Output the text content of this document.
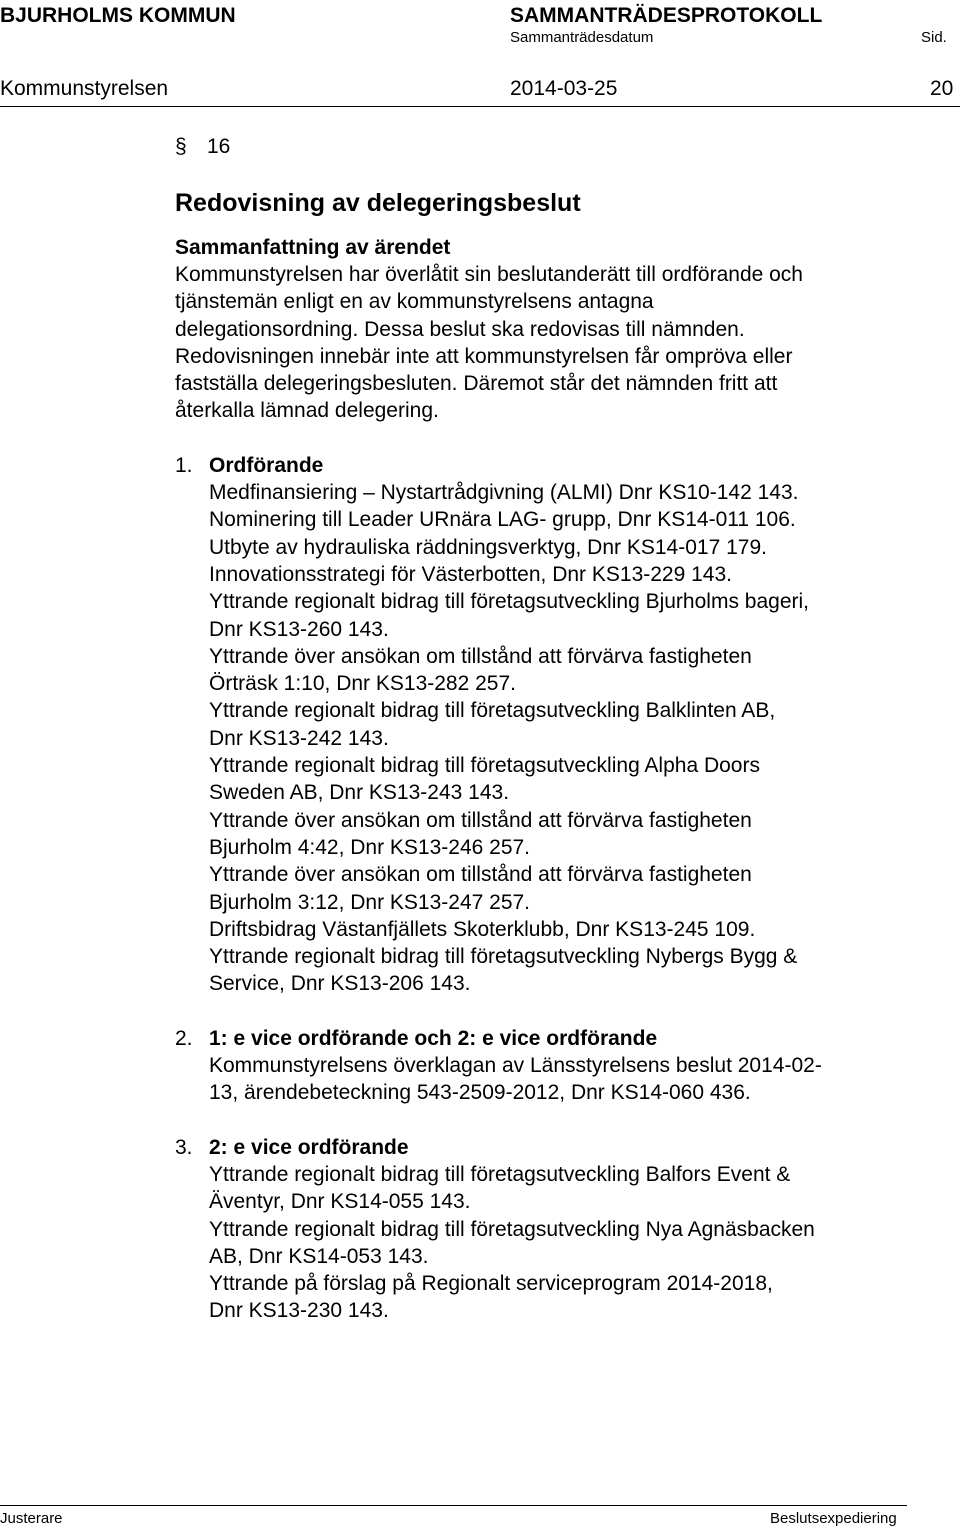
BJURHOLMS KOMMUN	SAMMANTRÄDESPROTOKOLL
Sammanträdesdatum	Sid.
Kommunstyrelsen	2014-03-25	20
§ 16
Redovisning av delegeringsbeslut
Sammanfattning av ärendet
Kommunstyrelsen har överlåtit sin beslutanderätt till ordförande och
tjänstemän enligt en av kommunstyrelsens antagna
delegationsordning. Dessa beslut ska redovisas till nämnden.
Redovisningen innebär inte att kommunstyrelsen får ompröva eller
fastställa delegeringsbesluten. Däremot står det nämnden fritt att
återkalla lämnad delegering.
1. Ordförande
Medfinansiering – Nystartrådgivning (ALMI) Dnr KS10-142 143.
Nominering till Leader URnära LAG- grupp, Dnr KS14-011 106.
Utbyte av hydrauliska räddningsverktyg, Dnr KS14-017 179.
Innovationsstrategi för Västerbotten, Dnr KS13-229 143.
Yttrande regionalt bidrag till företagsutveckling Bjurholms bageri,
Dnr KS13-260 143.
Yttrande över ansökan om tillstånd att förvärva fastigheten
Örträsk 1:10, Dnr KS13-282 257.
Yttrande regionalt bidrag till företagsutveckling Balklinten AB,
Dnr KS13-242 143.
Yttrande regionalt bidrag till företagsutveckling Alpha Doors
Sweden AB, Dnr KS13-243 143.
Yttrande över ansökan om tillstånd att förvärva fastigheten
Bjurholm 4:42, Dnr KS13-246 257.
Yttrande över ansökan om tillstånd att förvärva fastigheten
Bjurholm 3:12, Dnr KS13-247 257.
Driftsbidrag Västanfjällets Skoterklubb, Dnr KS13-245 109.
Yttrande regionalt bidrag till företagsutveckling Nybergs Bygg &
Service, Dnr KS13-206 143.
2. 1: e vice ordförande och 2: e vice ordförande
Kommunstyrelsens överklagan av Länsstyrelsens beslut 2014-02-
13, ärendebeteckning 543-2509-2012, Dnr KS14-060 436.
3. 2: e vice ordförande
Yttrande regionalt bidrag till företagsutveckling Balfors Event &
Äventyr, Dnr KS14-055 143.
Yttrande regionalt bidrag till företagsutveckling Nya Agnäsbacken
AB, Dnr KS14-053 143.
Yttrande på förslag på Regionalt serviceprogram 2014-2018,
Dnr KS13-230 143.
Justerare	Beslutsexpediering
